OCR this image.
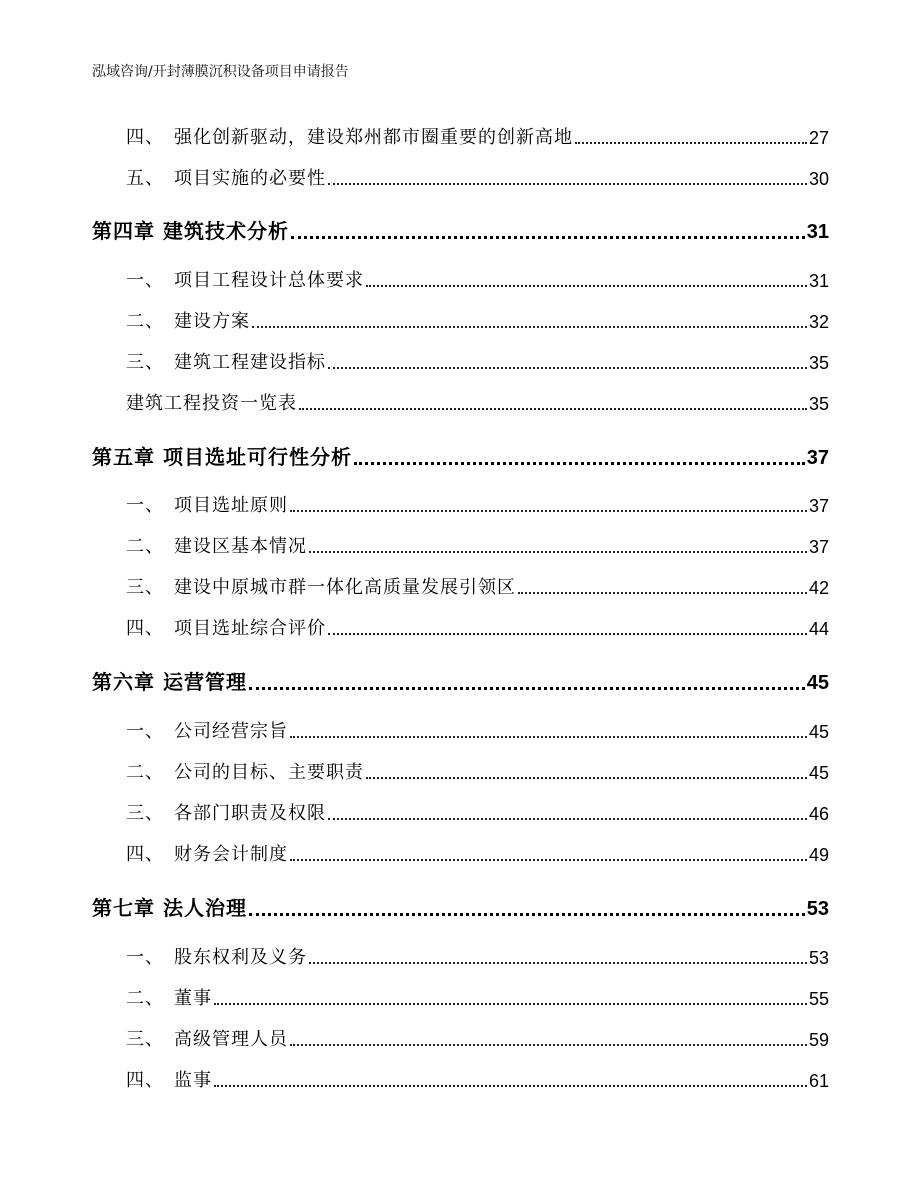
泓域咨询/开封薄膜沉积设备项目申请报告
四、 强化创新驱动，建设郑州都市圈重要的创新高地	27
五、 项目实施的必要性	30
第四章 建筑技术分析	31
一、 项目工程设计总体要求	31
二、 建设方案	32
三、 建筑工程建设指标	35
建筑工程投资一览表	35
第五章 项目选址可行性分析	37
一、 项目选址原则	37
二、 建设区基本情况	37
三、 建设中原城市群一体化高质量发展引领区	42
四、 项目选址综合评价	44
第六章 运营管理	45
一、 公司经营宗旨	45
二、 公司的目标、主要职责	45
三、 各部门职责及权限	46
四、 财务会计制度	49
第七章 法人治理	53
一、 股东权利及义务	53
二、 董事	55
三、 高级管理人员	59
四、 监事	61
